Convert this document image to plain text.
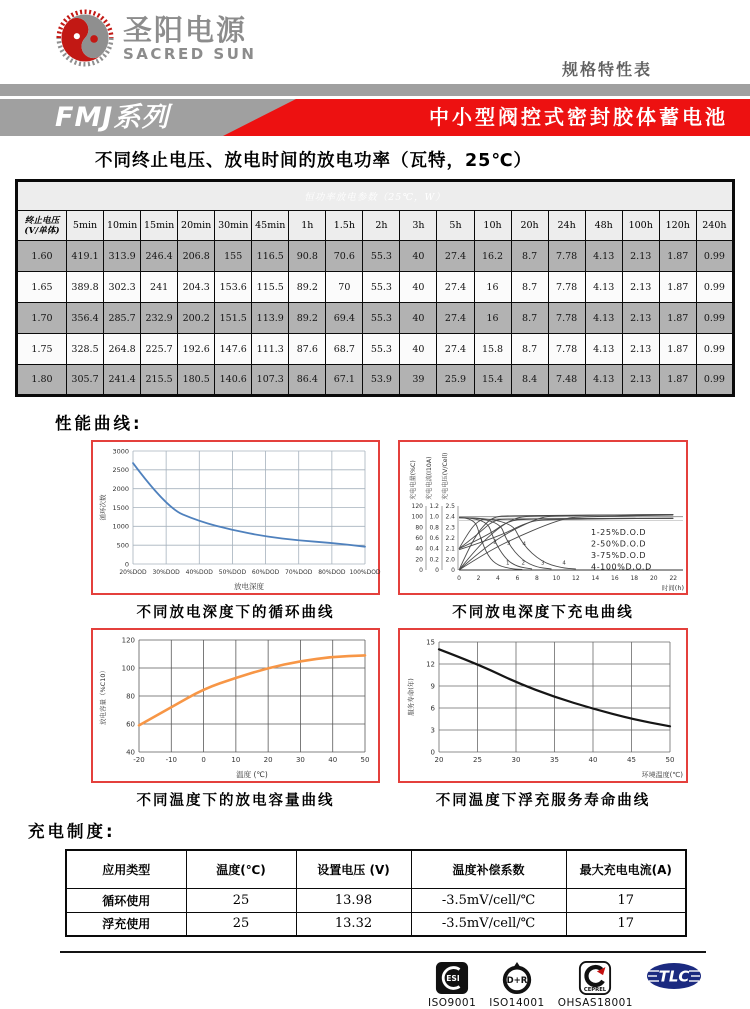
圣阳电源
SACRED SUN
规格特性表
FMJ系列	中小型阀控式密封胶体蓄电池
不同终止电压、放电时间的放电功率（瓦特，25℃）
恒功率放电参数（25℃，W）																		

终止电压
(V/单体)	5min	10min	15min	20min	30min	45min	1h	1.5h	2h	3h	5h	10h	20h	24h	48h	100h	120h	240h
1.60	419.1	313.9	246.4	206.8	155	116.5	90.8	70.6	55.3	40	27.4	16.2	8.7	7.78	4.13	2.13	1.87	0.99
1.65	389.8	302.3	241	204.3	153.6	115.5	89.2	70	55.3	40	27.4	16	8.7	7.78	4.13	2.13	1.87	0.99
1.70	356.4	285.7	232.9	200.2	151.5	113.9	89.2	69.4	55.3	40	27.4	16	8.7	7.78	4.13	2.13	1.87	0.99
1.75	328.5	264.8	225.7	192.6	147.6	111.3	87.6	68.7	55.3	40	27.4	15.8	8.7	7.78	4.13	2.13	1.87	0.99
1.80	305.7	241.4	215.5	180.5	140.6	107.3	86.4	67.1	53.9	39	25.9	15.4	8.4	7.48	4.13	2.13	1.87	0.99
性能曲线:
0
500
1000
1500
2000
2500
3000
20%DOD 30%DOD 40%DOD 50%DOD 60%DOD 70%DOD 80%DOD 100%DOD
循环次数
放电深度
不同放电深度下的循环曲线
充电电量(%C)
0
20
40
60
80
100
120
充电电流(I10A)
0
0.2
0.4
0.6
0.8
1.0
1.2
充电电压(V/Cell)
0
2.0
2.1
2.2
2.3
2.4
2.5
0	2	4	6	8 10 12 14 16 18 20 22
时间(h)
1 2 3 4
1 2	3	4
1-25%D.O.D
2-50%D.O.D
3-75%D.O.D
4-100%D.O.D
不同放电深度下充电曲线
40
60
80
100
120
-20	-10	0	10	20	30	40	50
放电容量（%C10）
温度 (℃)
不同温度下的放电容量曲线
0
3
6
9
12
15
20	25	30	35	40	45	50
服务寿命(年)
环境温度(℃)
不同温度下浮充服务寿命曲线
充电制度:
应用类型	温度(℃)	设置电压 (V)	温度补偿系数	最大充电电流(A)
循环使用	25	13.98	-3.5mV/cell/℃	17
浮充使用	25	13.32	-3.5mV/cell/℃	17
ESI
ISO9001
D+R
ISO14001
CEPREL
OHSAS18001
TLC
